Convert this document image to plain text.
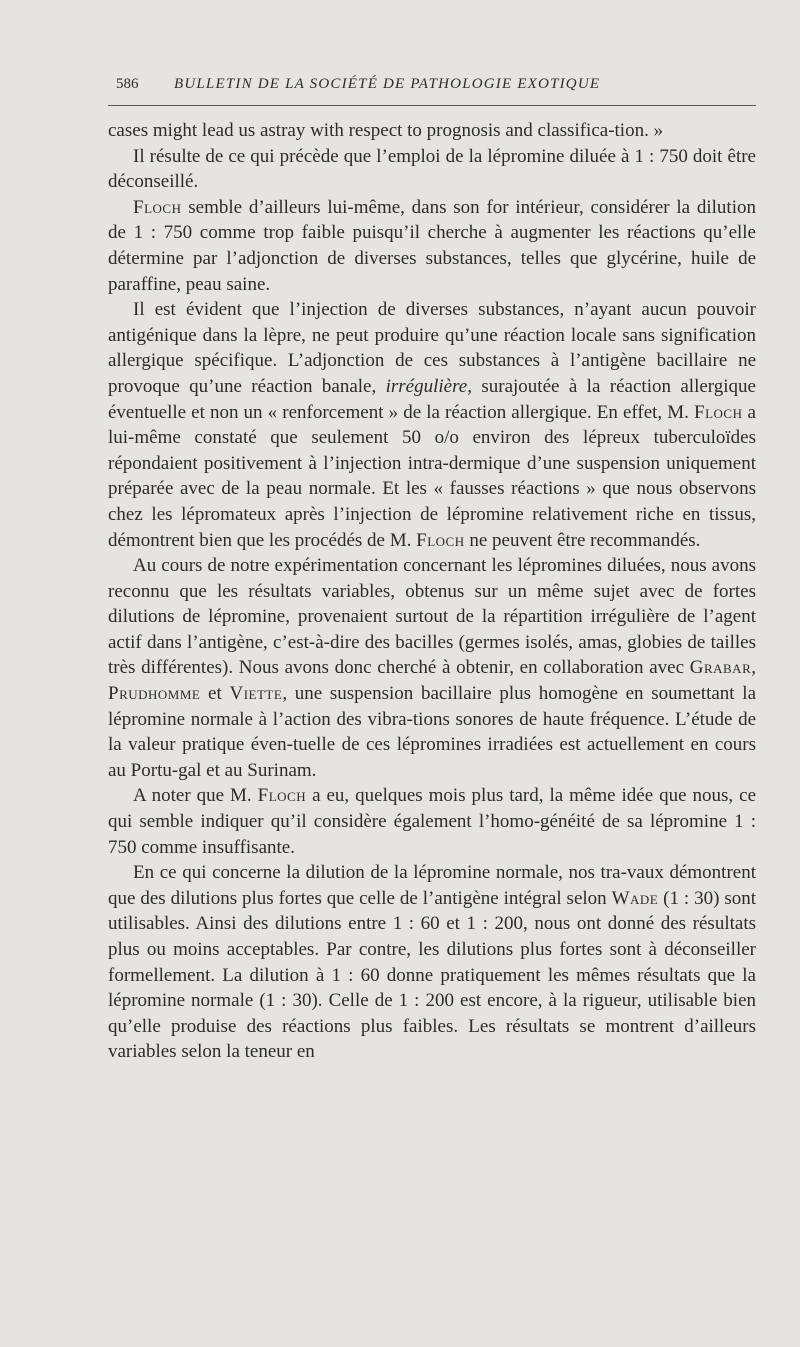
586 BULLETIN DE LA SOCIÉTÉ DE PATHOLOGIE EXOTIQUE

cases might lead us astray with respect to prognosis and classifica-tion. »

Il résulte de ce qui précède que l’emploi de la lépromine diluée à 1 : 750 doit être déconseillé.

Floch semble d’ailleurs lui-même, dans son for intérieur, considérer la dilution de 1 : 750 comme trop faible puisqu’il cherche à augmenter les réactions qu’elle détermine par l’adjonction de diverses substances, telles que glycérine, huile de paraffine, peau saine.

Il est évident que l’injection de diverses substances, n’ayant aucun pouvoir antigénique dans la lèpre, ne peut produire qu’une réaction locale sans signification allergique spécifique. L’adjonction de ces substances à l’antigène bacillaire ne provoque qu’une réaction banale, irrégulière, surajoutée à la réaction allergique éventuelle et non un « renforcement » de la réaction allergique. En effet, M. Floch a lui-même constaté que seulement 50 o/o environ des lépreux tuberculoïdes répondaient positivement à l’injection intra-dermique d’une suspension uniquement préparée avec de la peau normale. Et les « fausses réactions » que nous observons chez les lépromateux après l’injection de lépromine relativement riche en tissus, démontrent bien que les procédés de M. Floch ne peuvent être recommandés.

Au cours de notre expérimentation concernant les lépromines diluées, nous avons reconnu que les résultats variables, obtenus sur un même sujet avec de fortes dilutions de lépromine, provenaient surtout de la répartition irrégulière de l’agent actif dans l’antigène, c’est-à-dire des bacilles (germes isolés, amas, globies de tailles très différentes). Nous avons donc cherché à obtenir, en collaboration avec Grabar, Prudhomme et Viette, une suspension bacillaire plus homogène en soumettant la lépromine normale à l’action des vibra-tions sonores de haute fréquence. L’étude de la valeur pratique éven-tuelle de ces lépromines irradiées est actuellement en cours au Portu-gal et au Surinam.

A noter que M. Floch a eu, quelques mois plus tard, la même idée que nous, ce qui semble indiquer qu’il considère également l’homo-généité de sa lépromine 1 : 750 comme insuffisante.

En ce qui concerne la dilution de la lépromine normale, nos tra-vaux démontrent que des dilutions plus fortes que celle de l’antigène intégral selon Wade (1 : 30) sont utilisables. Ainsi des dilutions entre 1 : 60 et 1 : 200, nous ont donné des résultats plus ou moins acceptables. Par contre, les dilutions plus fortes sont à déconseiller formellement. La dilution à 1 : 60 donne pratiquement les mêmes résultats que la lépromine normale (1 : 30). Celle de 1 : 200 est encore, à la rigueur, utilisable bien qu’elle produise des réactions plus faibles. Les résultats se montrent d’ailleurs variables selon la teneur en
